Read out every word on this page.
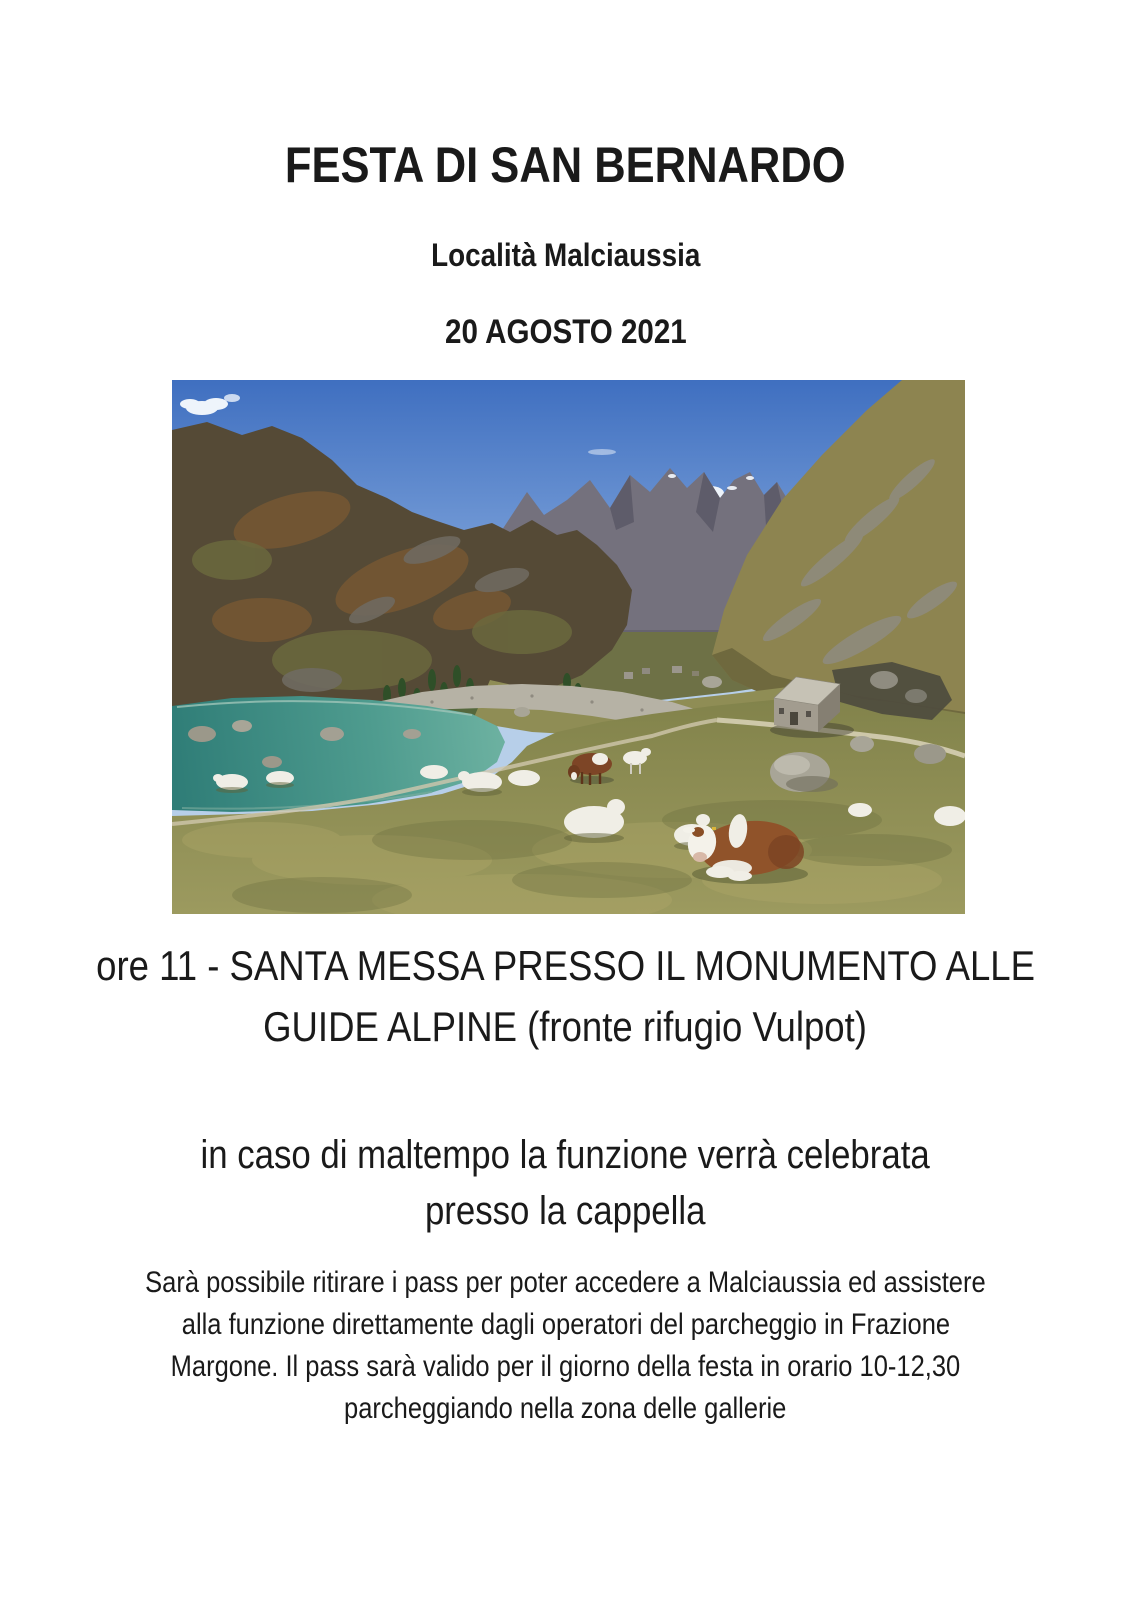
FESTA DI SAN BERNARDO
Località Malciaussia
20 AGOSTO 2021
ore 11 - SANTA MESSA PRESSO IL MONUMENTO ALLE
GUIDE ALPINE (fronte rifugio Vulpot)
in caso di maltempo la funzione verrà celebrata
presso la cappella
Sarà possibile ritirare i pass per poter accedere a Malciaussia ed assistere
alla funzione direttamente dagli operatori del parcheggio in Frazione
Margone. Il pass sarà valido per il giorno della festa in orario 10-12,30
parcheggiando nella zona delle gallerie
